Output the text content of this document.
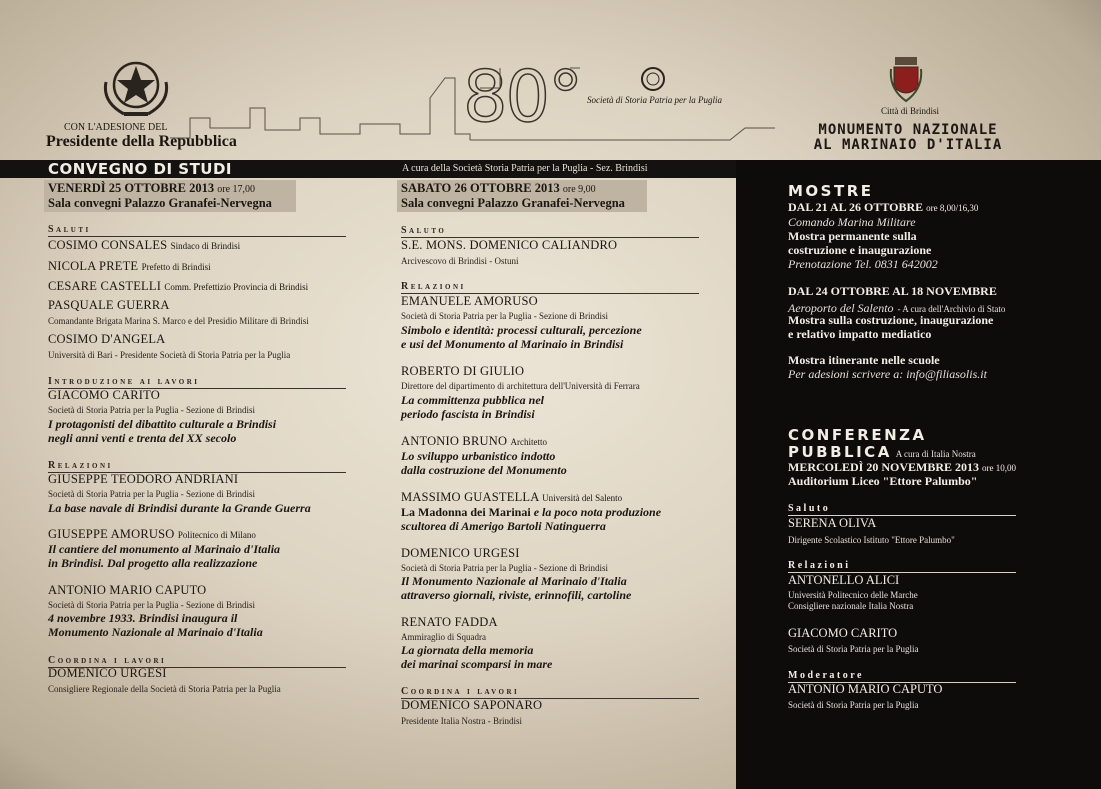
CON L'ADESIONE DEL
Presidente della Repubblica
80° Società di Storia Patria per la Puglia
Città di Brindisi
MONUMENTO NAZIONALE
AL MARINAIO D'ITALIA
CONVEGNO DI STUDI	A cura della Società Storia Patria per la Puglia - Sez. Brindisi
VENERDÌ 25 OTTOBRE 2013 ore 17,00
Sala convegni Palazzo Granafei-Nervegna
Saluti
COSIMO CONSALES Sindaco di Brindisi
NICOLA PRETE Prefetto di Brindisi
CESARE CASTELLI Comm. Prefettizio Provincia di Brindisi
PASQUALE GUERRA
Comandante Brigata Marina S. Marco e del Presidio Militare di Brindisi
COSIMO D'ANGELA
Università di Bari - Presidente Società di Storia Patria per la Puglia
Introduzione ai lavori
GIACOMO CARITO
Società di Storia Patria per la Puglia - Sezione di Brindisi
I protagonisti del dibattito culturale a Brindisi
negli anni venti e trenta del XX secolo
Relazioni
GIUSEPPE TEODORO ANDRIANI
Società di Storia Patria per la Puglia - Sezione di Brindisi
La base navale di Brindisi durante la Grande Guerra
GIUSEPPE AMORUSO Politecnico di Milano
Il cantiere del monumento al Marinaio d'Italia
in Brindisi. Dal progetto alla realizzazione
ANTONIO MARIO CAPUTO
Società di Storia Patria per la Puglia - Sezione di Brindisi
4 novembre 1933. Brindisi inaugura il
Monumento Nazionale al Marinaio d'Italia
Coordina i lavori
DOMENICO URGESI
Consigliere Regionale della Società di Storia Patria per la Puglia
SABATO 26 OTTOBRE 2013 ore 9,00
Sala convegni Palazzo Granafei-Nervegna
Saluto
S.E. MONS. DOMENICO CALIANDRO
Arcivescovo di Brindisi - Ostuni
Relazioni
EMANUELE AMORUSO
Società di Storia Patria per la Puglia - Sezione di Brindisi
Simbolo e identità: processi culturali, percezione
e usi del Monumento al Marinaio in Brindisi
ROBERTO DI GIULIO
Direttore del dipartimento di architettura dell'Università di Ferrara
La committenza pubblica nel
periodo fascista in Brindisi
ANTONIO BRUNO Architetto
Lo sviluppo urbanistico indotto
dalla costruzione del Monumento
MASSIMO GUASTELLA Università del Salento
La Madonna dei Marinai e la poco nota produzione
scultorea di Amerigo Bartoli Natinguerra
DOMENICO URGESI
Società di Storia Patria per la Puglia - Sezione di Brindisi
Il Monumento Nazionale al Marinaio d'Italia
attraverso giornali, riviste, erinnofili, cartoline
RENATO FADDA
Ammiraglio di Squadra
La giornata della memoria
dei marinai scomparsi in mare
Coordina i lavori
DOMENICO SAPONARO
Presidente Italia Nostra - Brindisi
MOSTRE
DAL 21 AL 26 OTTOBRE ore 8,00/16,30
Comando Marina Militare
Mostra permanente sulla
costruzione e inaugurazione
Prenotazione Tel. 0831 642002
DAL 24 OTTOBRE AL 18 NOVEMBRE
Aeroporto del Salento - A cura dell'Archivio di Stato
Mostra sulla costruzione, inaugurazione
e relativo impatto mediatico
Mostra itinerante nelle scuole
Per adesioni scrivere a: info@filiasolis.it
CONFERENZA
PUBBLICA A cura di Italia Nostra
MERCOLEDÌ 20 NOVEMBRE 2013 ore 10,00
Auditorium Liceo "Ettore Palumbo"
Saluto
SERENA OLIVA
Dirigente Scolastico Istituto "Ettore Palumbo"
Relazioni
ANTONELLO ALICI
Università Politecnico delle Marche
Consigliere nazionale Italia Nostra
GIACOMO CARITO
Società di Storia Patria per la Puglia
Moderatore
ANTONIO MARIO CAPUTO
Società di Storia Patria per la Puglia
